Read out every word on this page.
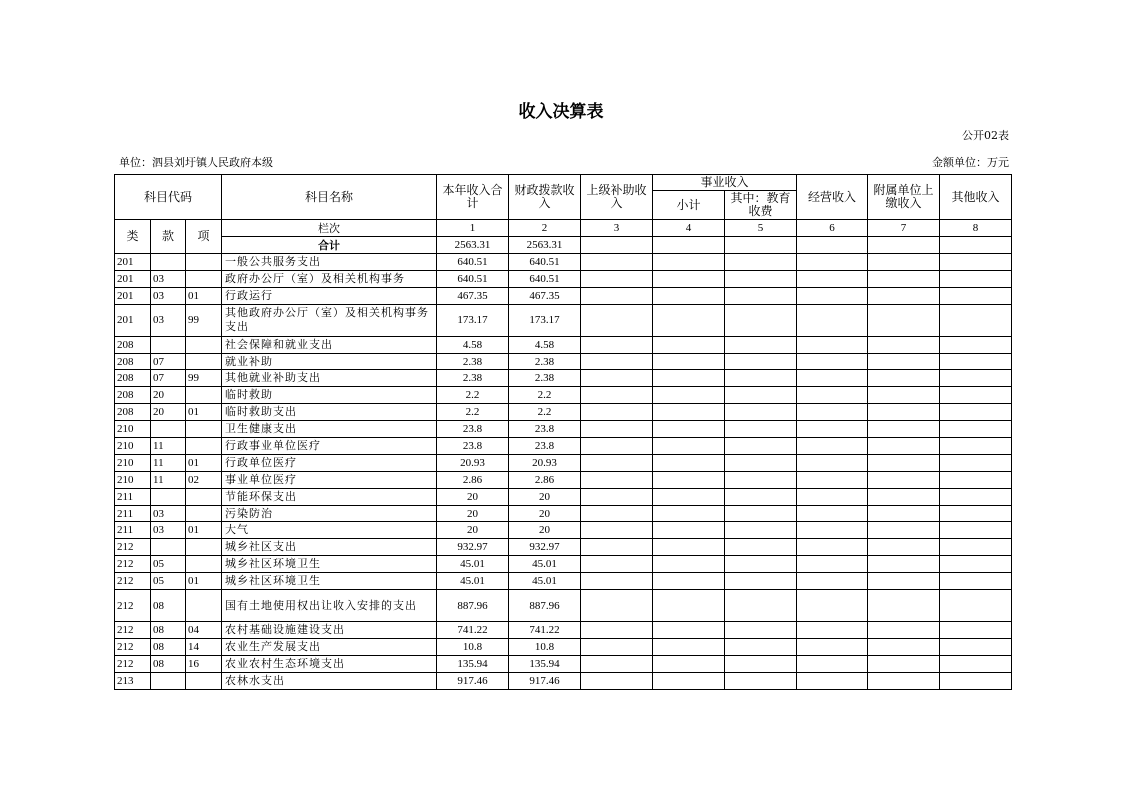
收入决算表
公开02表
单位：泗县刘圩镇人民政府本级	金额单位：万元
科目代码			科目名称	本年收入合计	财政拨款收入	上级补助收入	事业收入		经营收入	附属单位上缴收入	其他收入
							小计	其中：教育收费			
类	款	项	栏次	1	2	3	4	5	6	7	8
			合计	2563.31	2563.31						
201			一般公共服务支出	640.51	640.51						
201	03		政府办公厅（室）及相关机构事务	640.51	640.51						
201	03	01	行政运行	467.35	467.35						
201	03	99	其他政府办公厅（室）及相关机构事务支出	173.17	173.17						
208			社会保障和就业支出	4.58	4.58						
208	07		就业补助	2.38	2.38						
208	07	99	其他就业补助支出	2.38	2.38						
208	20		临时救助	2.2	2.2						
208	20	01	临时救助支出	2.2	2.2						
210			卫生健康支出	23.8	23.8						
210	11		行政事业单位医疗	23.8	23.8						
210	11	01	行政单位医疗	20.93	20.93						
210	11	02	事业单位医疗	2.86	2.86						
211			节能环保支出	20	20						
211	03		污染防治	20	20						
211	03	01	大气	20	20						
212			城乡社区支出	932.97	932.97						
212	05		城乡社区环境卫生	45.01	45.01						
212	05	01	城乡社区环境卫生	45.01	45.01						
212	08		国有土地使用权出让收入安排的支出	887.96	887.96						
212	08	04	农村基础设施建设支出	741.22	741.22						
212	08	14	农业生产发展支出	10.8	10.8						
212	08	16	农业农村生态环境支出	135.94	135.94						
213			农林水支出	917.46	917.46						
